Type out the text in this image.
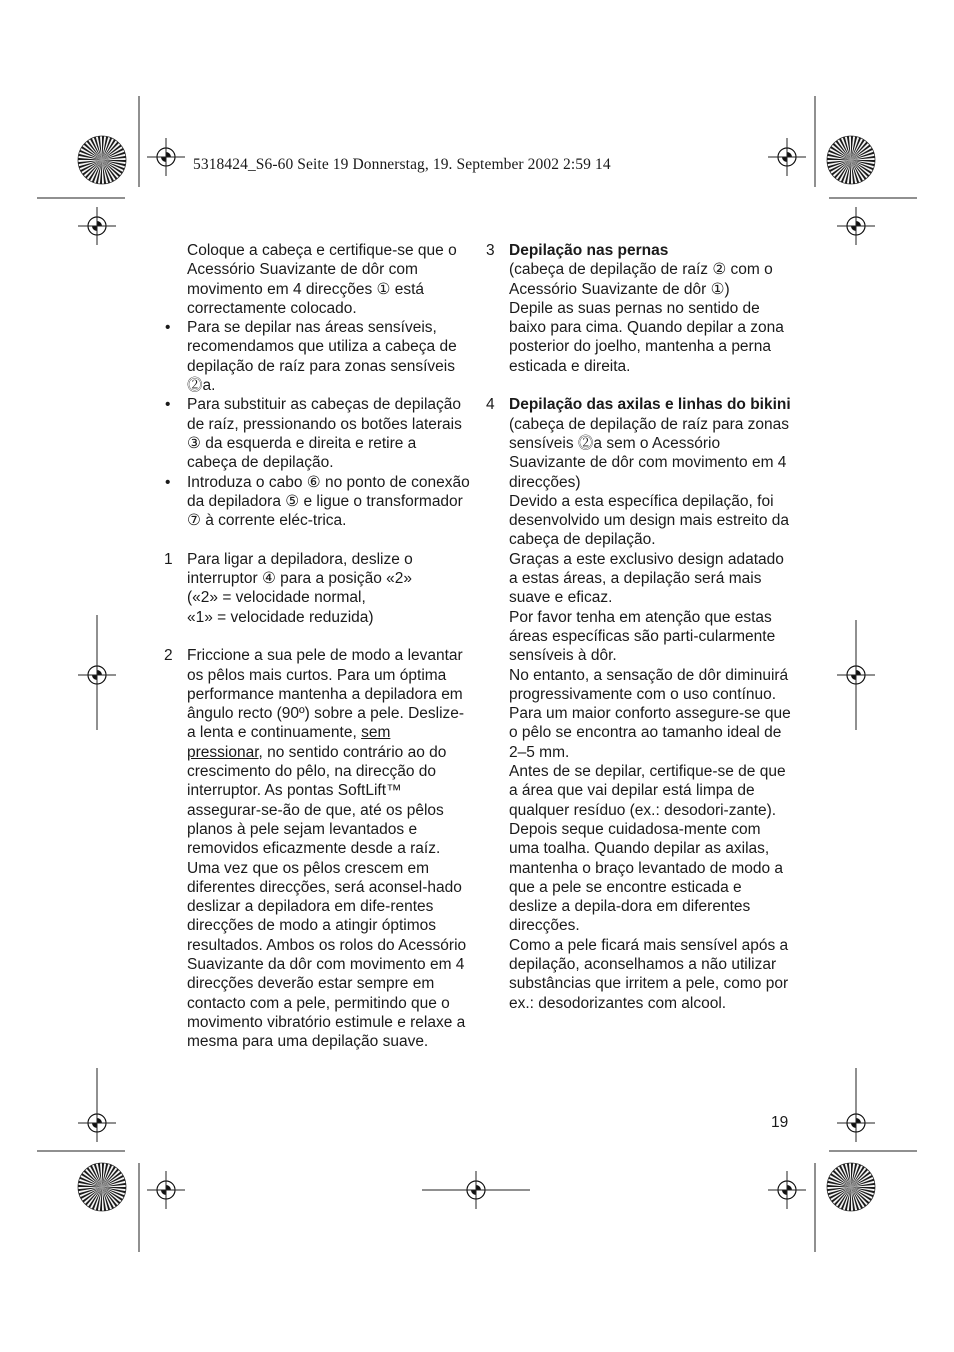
5318424_S6-60 Seite 19 Donnerstag, 19. September 2002 2:59 14

Coloque a cabeça e certifique-se que o Acessório Suavizante de dôr com movimento em 4 direcções ① está correctamente colocado.

• Para se depilar nas áreas sensíveis, recomendamos que utiliza a cabeça de depilação de raíz para zonas sensíveis ⓶a.

• Para substituir as cabeças de depilação de raíz, pressionando os botões laterais ③ da esquerda e direita e retire a cabeça de depilação.

• Introduza o cabo ⑥ no ponto de conexão da depiladora ⑤ e ligue o transformador ⑦ à corrente eléc-trica.

1 Para ligar a depiladora, deslize o interruptor ④ para a posição «2»

(«2» = velocidade normal,

«1» = velocidade reduzida)

2 Friccione a sua pele de modo a levantar os pêlos mais curtos. Para um óptima performance mantenha a depiladora em ângulo recto (90º) sobre a pele. Deslize-a lenta e continuamente, sem pressionar, no sentido contrário ao do crescimento do pêlo, na direcção do interruptor. As pontas SoftLift™ assegurar-se-ão de que, até os pêlos planos à pele sejam levantados e removidos eficazmente desde a raíz.

Uma vez que os pêlos crescem em diferentes direcções, será aconsel-hado deslizar a depiladora em dife-rentes direcções de modo a atingir óptimos resultados. Ambos os rolos do Acessório Suavizante da dôr com movimento em 4 direcções deverão estar sempre em contacto com a pele, permitindo que o movimento vibratório estimule e relaxe a mesma para uma depilação suave.

3 Depilação nas pernas

(cabeça de depilação de raíz ② com o Acessório Suavizante de dôr ①)

Depile as suas pernas no sentido de baixo para cima. Quando depilar a zona posterior do joelho, mantenha a perna esticada e direita.

4 Depilação das axilas e linhas do bikini

(cabeça de depilação de raíz para zonas sensíveis ⓶a sem o Acessório Suavizante de dôr com movimento em 4 direcções)

Devido a esta específica depilação, foi desenvolvido um design mais estreito da cabeça de depilação.

Graças a este exclusivo design adatado a estas áreas, a depilação será mais suave e eficaz.

Por favor tenha em atenção que estas áreas específicas são parti-cularmente sensíveis à dôr.

No entanto, a sensação de dôr diminuirá progressivamente com o uso contínuo.

Para um maior conforto assegure-se que o pêlo se encontra ao tamanho ideal de 2–5 mm.

Antes de se depilar, certifique-se de que a área que vai depilar está limpa de qualquer resíduo (ex.: desodori-zante). Depois seque cuidadosa-mente com uma toalha. Quando depilar as axilas, mantenha o braço levantado de modo a que a pele se encontre esticada e deslize a depila-dora em diferentes direcções.

Como a pele ficará mais sensível após a depilação, aconselhamos a não utilizar substâncias que irritem a pele, como por ex.: desodorizantes com alcool.

19
